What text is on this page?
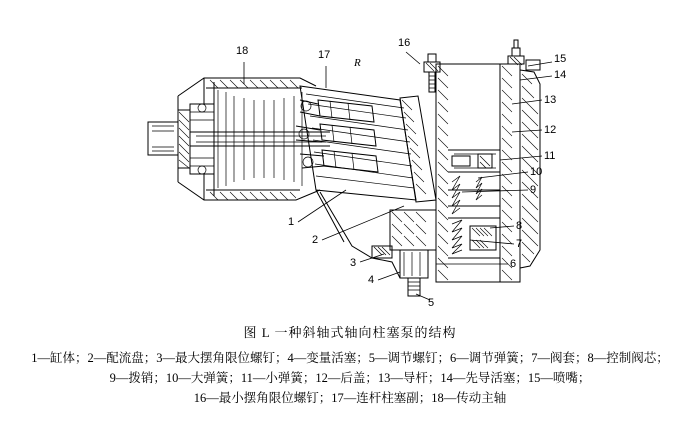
R
18	17
16
15
14
13
12
11
10
9
8
7
6
5
4
3
2
1
图 L 一种斜轴式轴向柱塞泵的结构
1—缸体；2—配流盘；3—最大摆角限位螺钉；4—变量活塞；5—调节螺钉；6—调节弹簧；7—阀套；8—控制阀芯；
9—拨销；10—大弹簧；11—小弹簧；12—后盖；13—导杆；14—先导活塞；15—喷嘴；
16—最小摆角限位螺钉；17—连杆柱塞副；18—传动主轴
